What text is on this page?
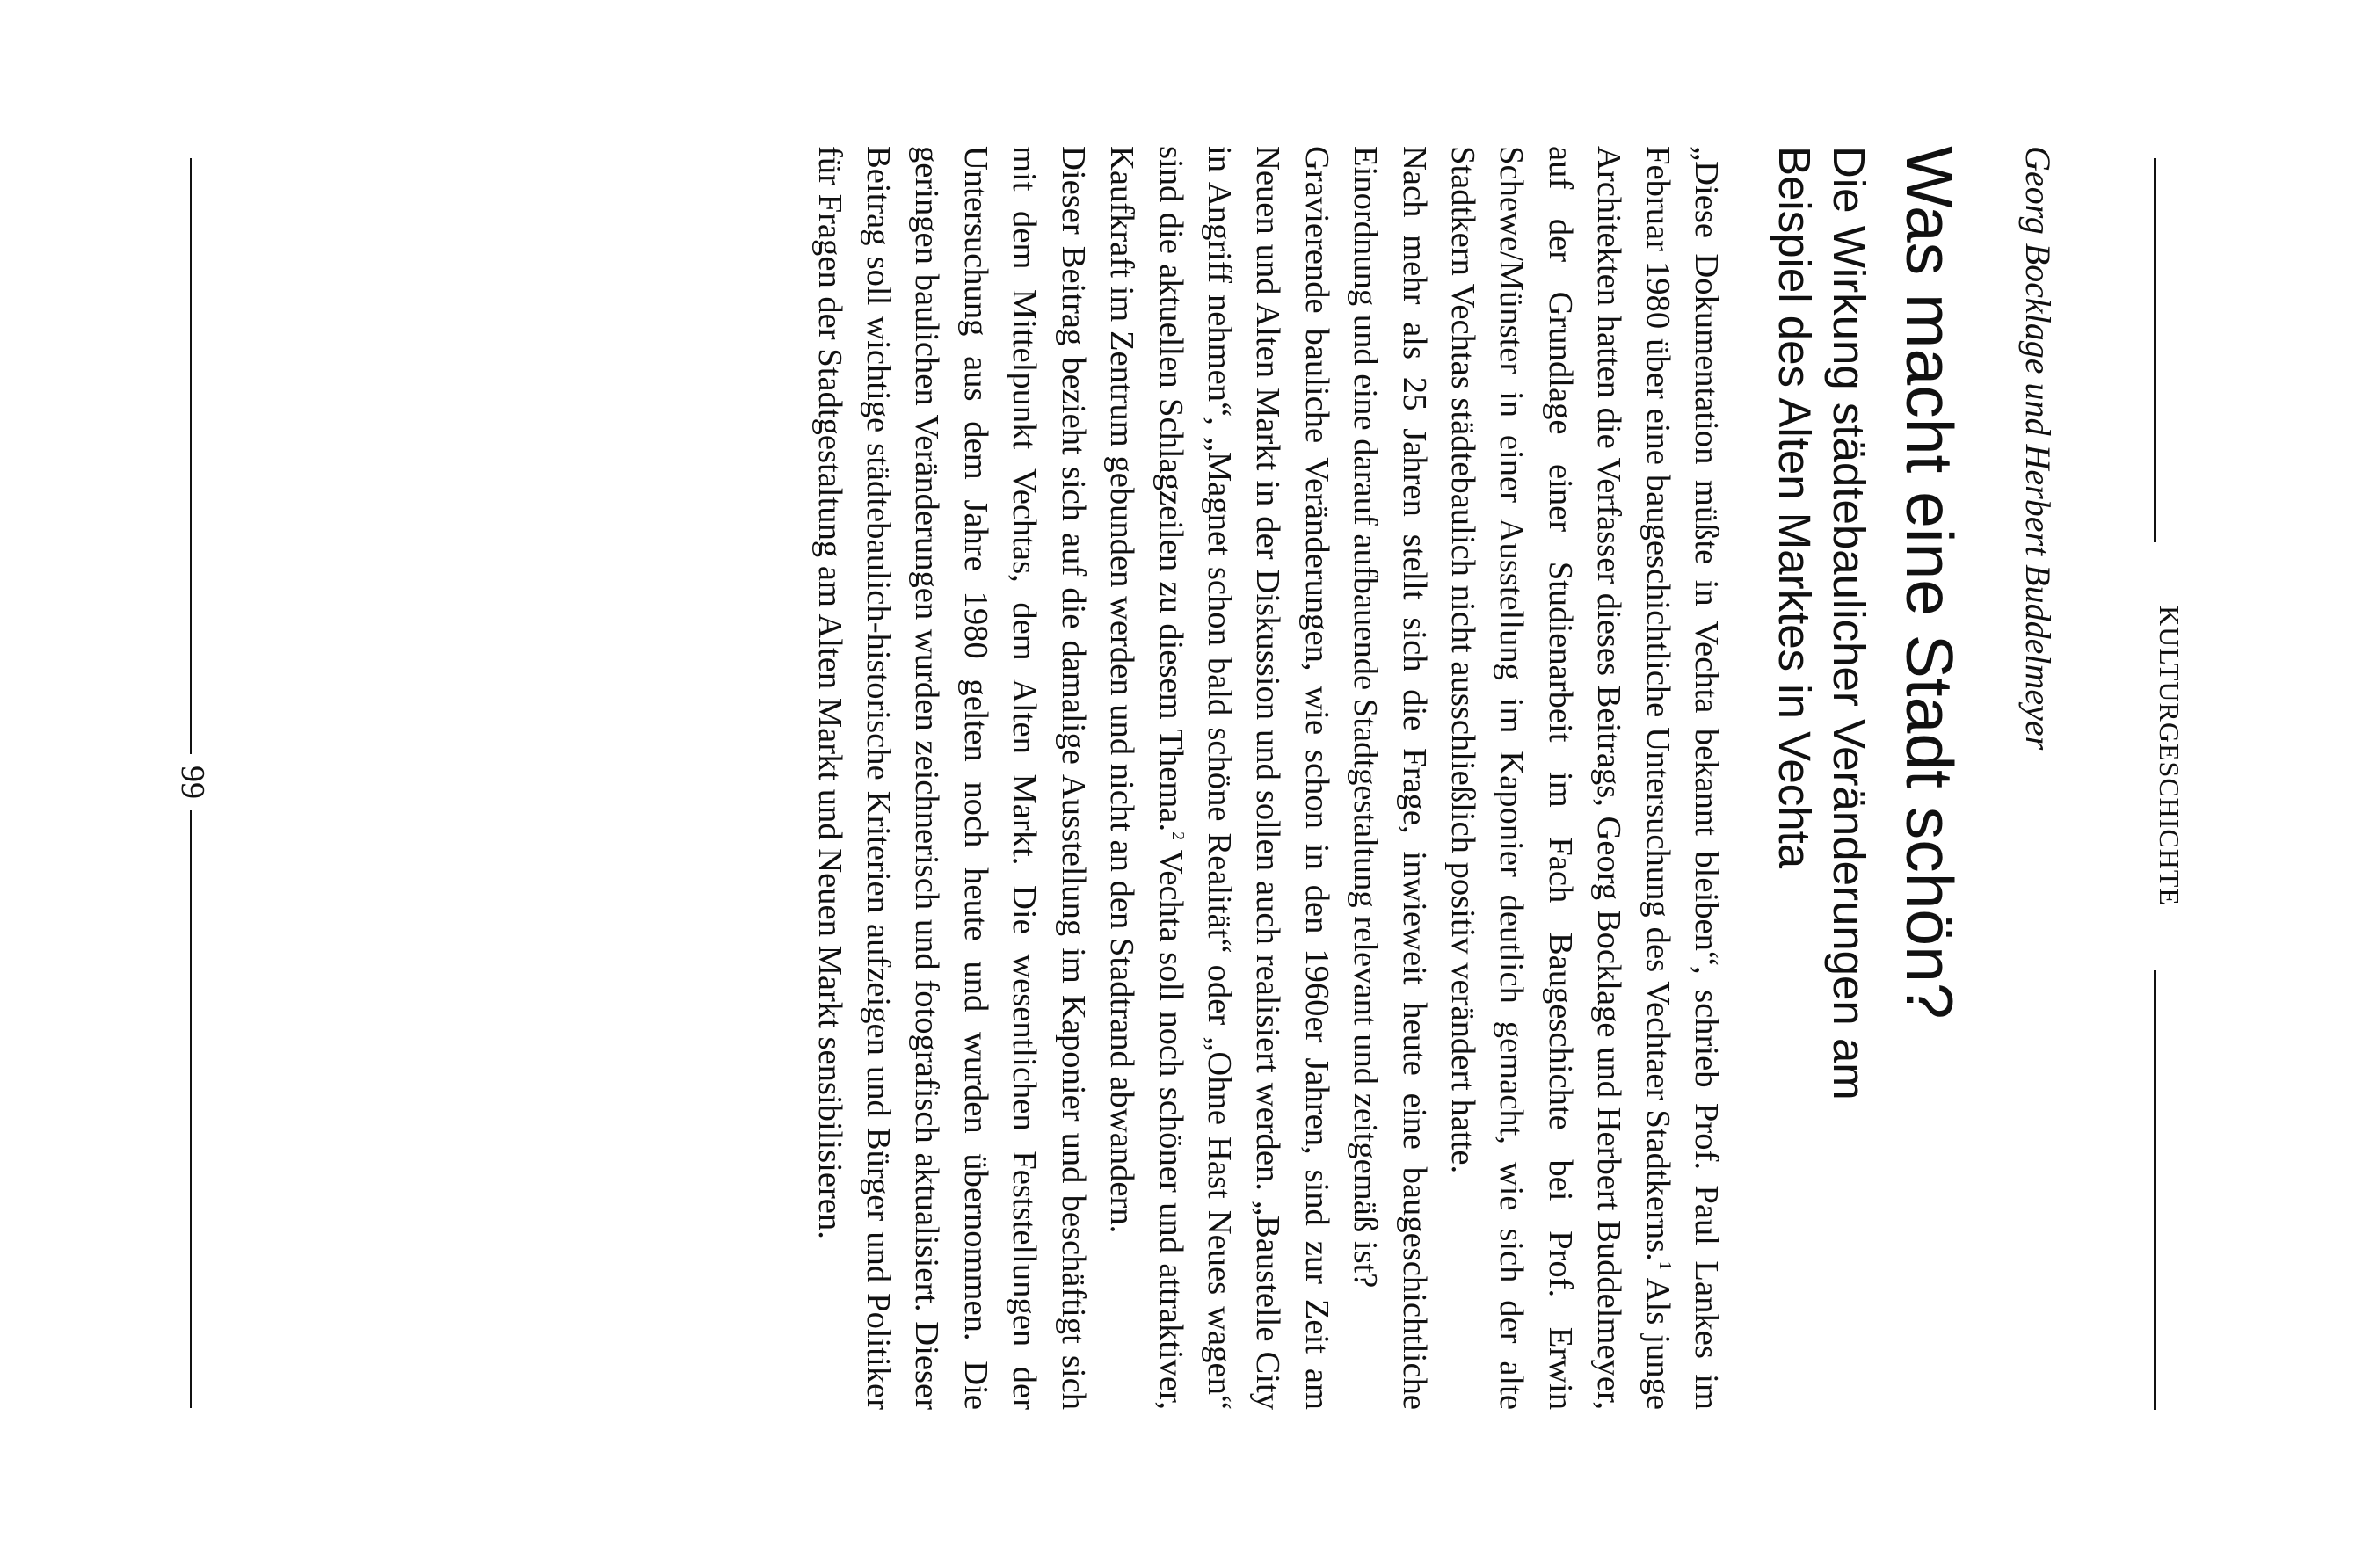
KULTURGESCHICHTE
Georg Bocklage und Herbert Buddelmeyer
Was macht eine Stadt schön?
Die Wirkung städtebaulicher Veränderungen am Beispiel des Alten Marktes in Vechta

„Diese Dokumentation müßte in Vechta bekannt bleiben“, schrieb Prof. Paul Lankes im Februar 1980 über eine baugeschichtliche Untersuchung des Vechtaer Stadtkerns.$^1$ Als junge Architekten hatten die Verfasser dieses Beitrags, Georg Bocklage und Herbert Buddelmeyer, auf der Grundlage einer Studienarbeit im Fach Baugeschichte bei Prof. Erwin Schewe/Münster in einer Ausstellung im Kaponier deutlich gemacht, wie sich der alte Stadtkern Vechtas städtebaulich nicht ausschließlich positiv verändert hatte.

Nach mehr als 25 Jahren stellt sich die Frage, inwieweit heute eine baugeschichtliche Einordnung und eine darauf aufbauende Stadtgestaltung relevant und zeitgemäß ist?

Gravierende bauliche Veränderungen, wie schon in den 1960er Jahren, sind zur Zeit am Neuen und Alten Markt in der Diskussion und sollen auch realisiert werden. „Baustelle City in Angriff nehmen“, „Magnet schon bald schöne Realität“ oder „Ohne Hast Neues wagen“ sind die aktuellen Schlagzeilen zu diesem Thema.$^2$ Vechta soll noch schöner und attraktiver, Kaufkraft im Zentrum gebunden werden und nicht an den Stadtrand abwandern.

Dieser Beitrag bezieht sich auf die damalige Ausstellung im Kaponier und beschäftigt sich mit dem Mittelpunkt Vechtas, dem Alten Markt. Die wesentlichen Feststellungen der Untersuchung aus dem Jahre 1980 gelten noch heute und wurden übernommen. Die geringen baulichen Veränderungen wurden zeichnerisch und fotografisch aktualisiert. Dieser Beitrag soll wichtige städtebaulich-historische Kriterien aufzeigen und Bürger und Politiker für Fragen der Stadtgestaltung am Alten Markt und Neuen Markt sensibilisieren.

99
